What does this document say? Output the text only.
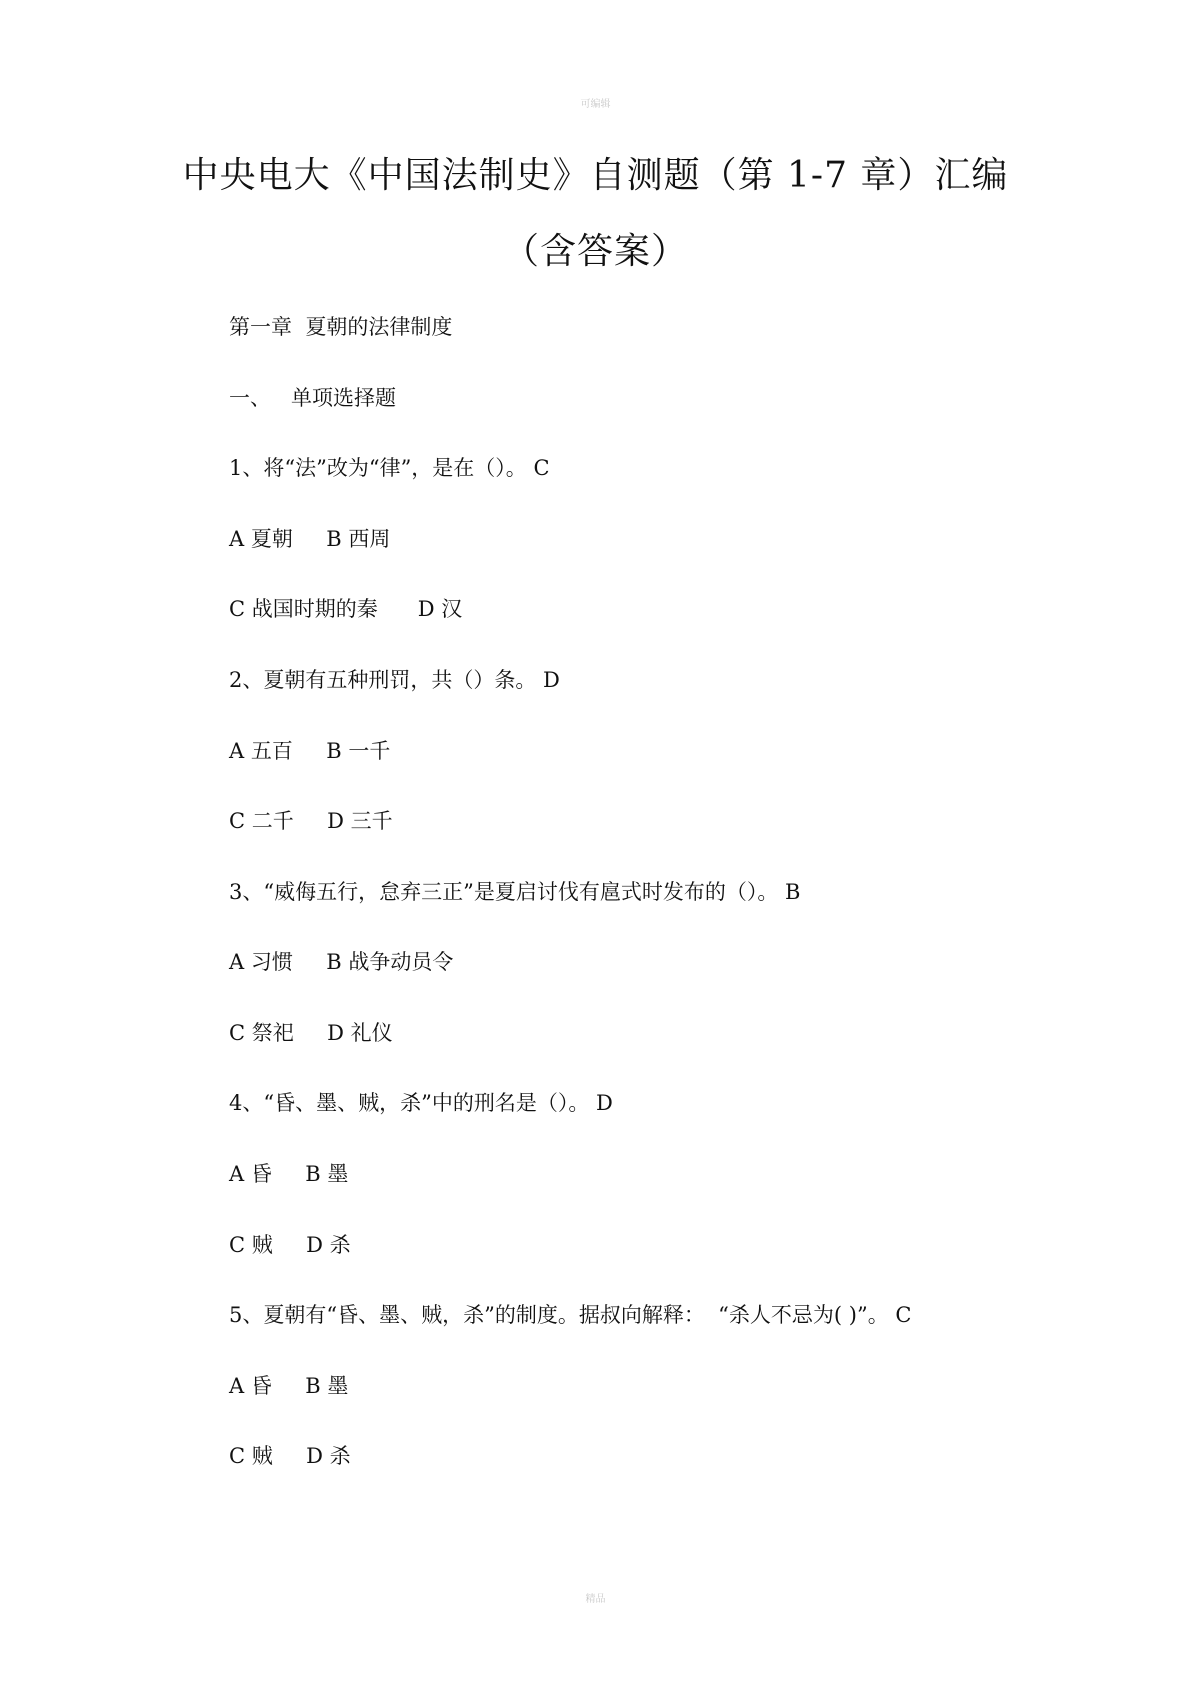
可编辑
中央电大《中国法制史》自测题（第 1-7 章）汇编（含答案）
第一章  夏朝的法律制度
一、   单项选择题
1、将“法”改为“律”，是在（）。 C
A 夏朝     B 西周
C 战国时期的秦      D 汉
2、夏朝有五种刑罚，共（）条。 D
A 五百     B 一千
C 二千     D 三千
3、“威侮五行，怠弃三正”是夏启讨伐有扈式时发布的（）。 B
A 习惯     B 战争动员令
C 祭祀     D 礼仪
4、“昏、墨、贼，杀”中的刑名是（）。 D
A 昏     B 墨
C 贼     D 杀
5、夏朝有“昏、墨、贼，杀”的制度。据叔向解释：  “杀人不忌为( )”。 C
A 昏     B 墨
C 贼     D 杀
精品
